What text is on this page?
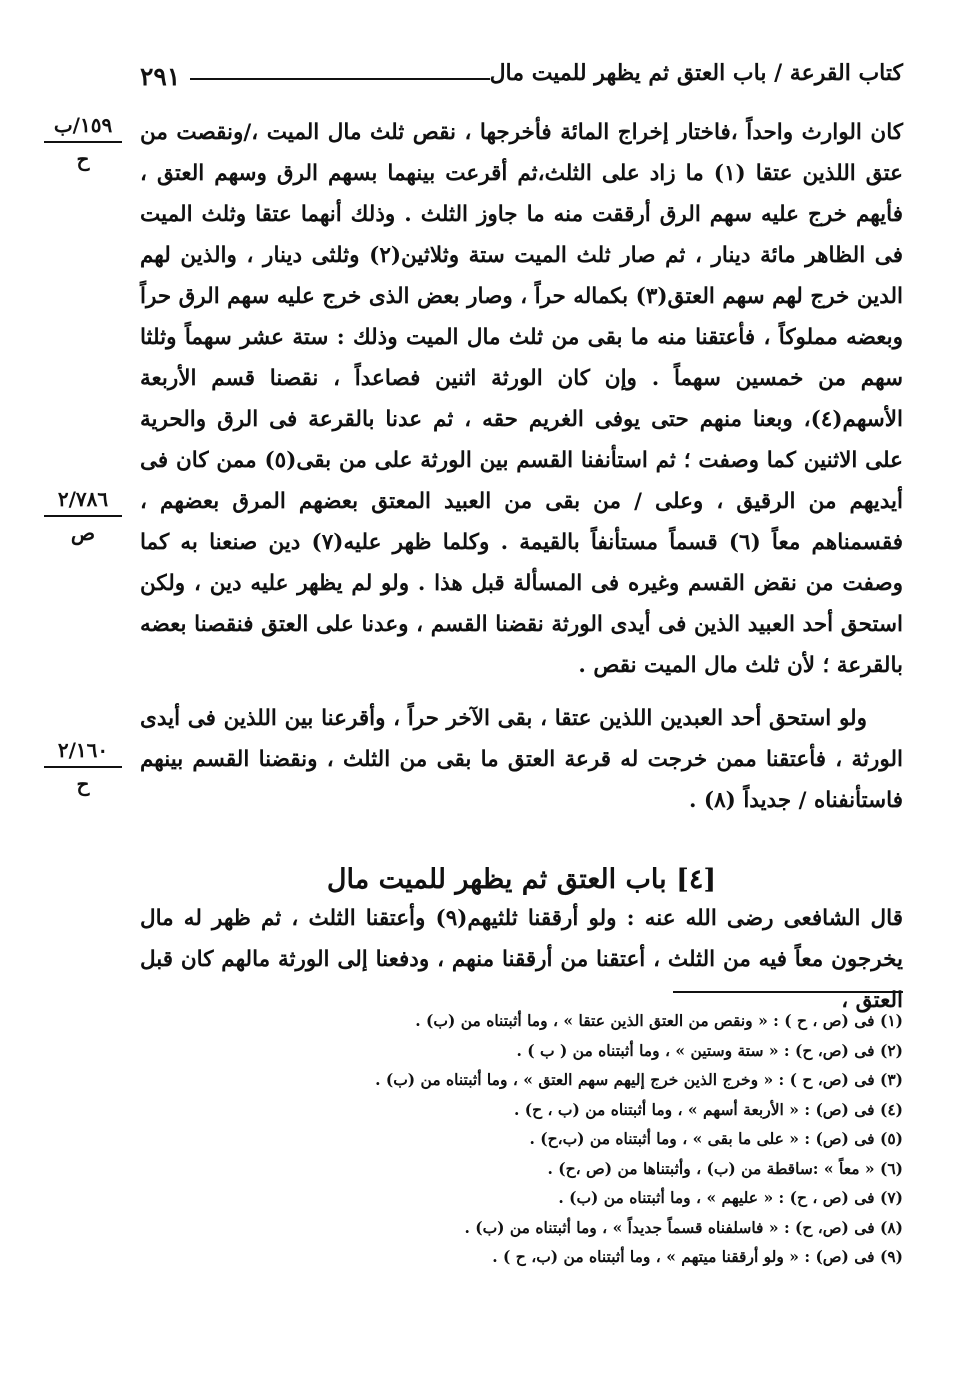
٢٩١	كتاب القرعة / باب العتق ثم يظهر للميت مال
١٥٩/ب
ح
٢/٧٨٦
ص
٢/١٦٠
ح

كان الوارث واحداً ،فاختار إخراج المائة فأخرجها ، نقص ثلث مال الميت ،/ونقصت من عتق اللذين عتقا (١) ما زاد على الثلث،ثم أقرعت بينهما بسهم الرق وسهم العتق ، فأيهم خرج عليه سهم الرق أرققت منه ما جاوز الثلث . وذلك أنهما عتقا وثلث الميت فى الظاهر مائة دينار ، ثم صار ثلث الميت ستة وثلاثين(٢) وثلثى دينار ، والذين لهم الدين خرج لهم سهم العتق(٣) بكماله حراً ، وصار بعض الذى خرج عليه سهم الرق حراً وبعضه مملوكاً ، فأعتقنا منه ما بقى من ثلث مال الميت وذلك : ستة عشر سهماً وثلثا سهم من خمسين سهماً . وإن كان الورثة اثنين فصاعداً ، نقصنا قسم الأربعة الأسهم(٤)، وبعنا منهم حتى يوفى الغريم حقه ، ثم عدنا بالقرعة فى الرق والحرية على الاثنين كما وصفت ؛ ثم استأنفنا القسم بين الورثة على من بقى(٥) ممن كان فى أيديهم من الرقيق ، وعلى / من بقى من العبيد المعتق بعضهم المرق بعضهم ، فقسمناهم معاً (٦) قسماً مستأنفاً بالقيمة . وكلما ظهر عليه(٧) دين صنعنا به كما وصفت من نقض القسم وغيره فى المسألة قبل هذا . ولو لم يظهر عليه دين ، ولكن استحق أحد العبيد الذين فى أيدى الورثة نقضنا القسم ، وعدنا على العتق فنقصنا بعضه بالقرعة ؛ لأن ثلث مال الميت نقص .

ولو استحق أحد العبدين اللذين عتقا ، بقى الآخر حراً ، وأقرعنا بين اللذين فى أيدى الورثة ، فأعتقنا ممن خرجت له قرعة العتق ما بقى من الثلث ، ونقضنا القسم بينهم فاستأنفناه / جديداً (٨) .

[٤] باب العتق ثم يظهر للميت مال

قال الشافعى رضى الله عنه : ولو أرققنا ثلثيهم(٩) وأعتقنا الثلث ، ثم ظهر له مال يخرجون معاً فيه من الثلث ، أعتقنا من أرققنا منهم ، ودفعنا إلى الورثة مالهم كان قبل العتق ،

(١) فى (ص ، ح ) : « ونقص من العتق الذين عتقا » ، وما أثبتناه من (ب) .
(٢) فى (ص، ح) : « ستة وستين » ، وما أثبتناه من ( ب ) .
(٣) فى (ص، ح ) : « وخرج الذين خرج إليهم سهم العتق » ، وما أثبتناه من (ب) .
(٤) فى (ص) : « الأربعة أسهم » ، وما أثبتناه من (ب ، ح) .
(٥) فى (ص) : « على ما بقى » ، وما أثبتناه من (ب،ح) .
(٦) « معاً » :ساقطة من (ب) ، وأثبتناها من (ص ،ح) .
(٧) فى (ص ، ح) : « عليهم » ، وما أثبتناه من (ب) .
(٨) فى (ص، ح) : « فاسلفناه قسماً جديداً » ، وما أثبتناه من (ب) .
(٩) فى (ص) : « ولو أرققنا ميتهم » ، وما أثبتناه من (ب، ح ) .
